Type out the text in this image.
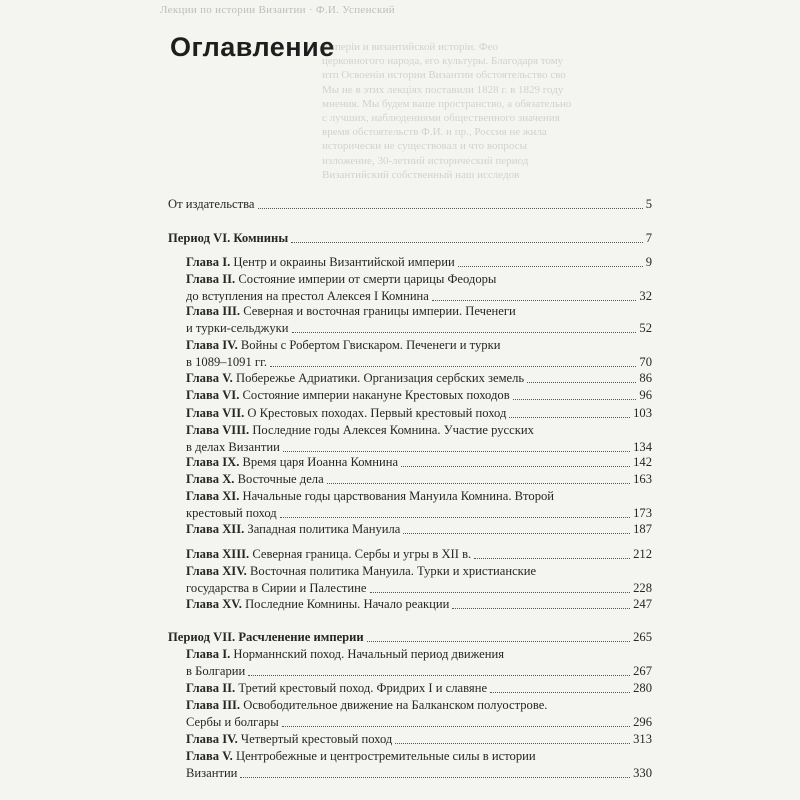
Лекции по истории Византии · Ф.И. Успенский
Оглавление
имперіи и византийской исторіи. Фео
церковногого народа, его культуры. Благодаря тому
итп Освоеніи истории Византии обстоятельство сво
Мы не в этих лекціях поставили 1828 г. в 1829 году
мнения. Мы будем ваше пространство, а обязательно
с лучших, наблюдениями общественного значения
время обстоятельств Ф.И. и пр., Россия не жила
исторически не существовал и что вопросы
изложение, 30-летний исторический период
Византийский собственный наш исследов
От издательства	5
Период VI. Комнины	7
Глава I. Центр и окраины Византийской империи	9
Глава II. Состояние империи от смерти царицы Феодоры
до вступления на престол Алексея I Комнина	32
Глава III. Северная и восточная границы империи. Печенеги
и турки-сельджуки	52
Глава IV. Войны с Робертом Гвискаром. Печенеги и турки
в 1089–1091 гг.	70
Глава V. Побережье Адриатики. Организация сербских земель	86
Глава VI. Состояние империи накануне Крестовых походов	96
Глава VII. О Крестовых походах. Первый крестовый поход	103
Глава VIII. Последние годы Алексея Комнина. Участие русских
в делах Византии	134
Глава IX. Время царя Иоанна Комнина	142
Глава X. Восточные дела	163
Глава XI. Начальные годы царствования Мануила Комнина. Второй
крестовый поход	173
Глава XII. Западная политика Мануила	187
Глава XIII. Северная граница. Сербы и угры в XII в.	212
Глава XIV. Восточная политика Мануила. Турки и христианские
государства в Сирии и Палестине	228
Глава XV. Последние Комнины. Начало реакции	247
Период VII. Расчленение империи	265
Глава I. Норманнский поход. Начальный период движения
в Болгарии	267
Глава II. Третий крестовый поход. Фридрих I и славяне	280
Глава III. Освободительное движение на Балканском полуострове.
Сербы и болгары	296
Глава IV. Четвертый крестовый поход	313
Глава V. Центробежные и центростремительные силы в истории
Византии	330
